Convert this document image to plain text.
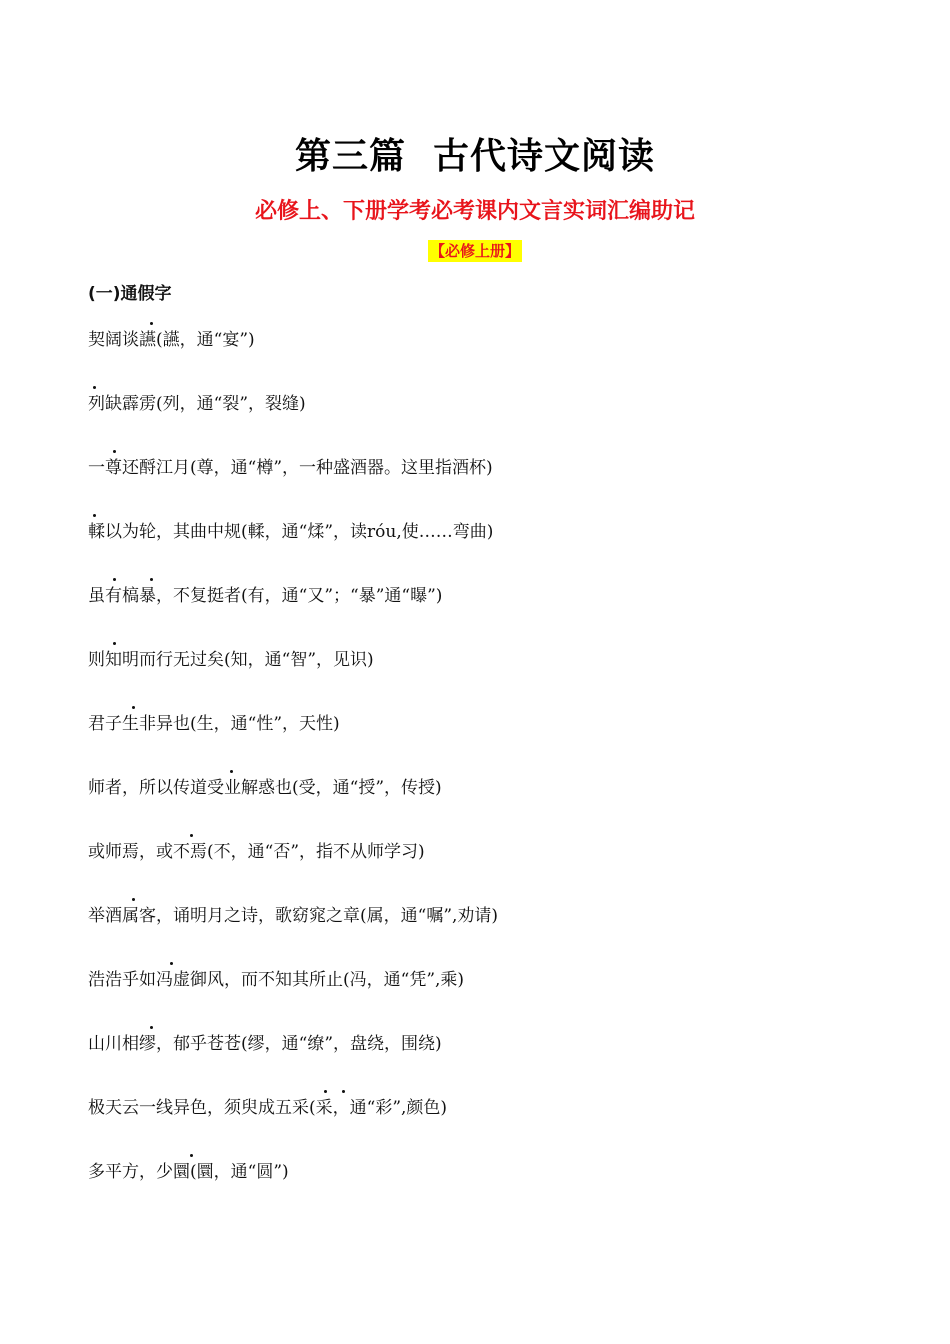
第三篇  古代诗文阅读
必修上、下册学考必考课内文言实词汇编助记
【必修上册】
(一)通假字
契阔谈讌(讌，通“宴”)
列缺霹雳(列，通“裂”，裂缝)
一尊还酹江月(尊，通“樽”，一种盛酒器。这里指酒杯)
輮以为轮，其曲中规(輮，通“煣”，读róu,使……弯曲)
虽有槁暴，不复挺者(有，通“又”；“暴”通“曝”)
则知明而行无过矣(知，通“智”，见识)
君子生非异也(生，通“性”，天性)
师者，所以传道受业解惑也(受，通“授”，传授)
或师焉，或不焉(不，通“否”，指不从师学习)
举酒属客，诵明月之诗，歌窈窕之章(属，通“嘱”,劝请)
浩浩乎如冯虚御风，而不知其所止(冯，通“凭”,乘)
山川相缪，郁乎苍苍(缪，通“缭”，盘绕，围绕)
极天云一线异色，须臾成五采(采，通“彩”,颜色)
多平方，少圜(圜，通“圆”)
